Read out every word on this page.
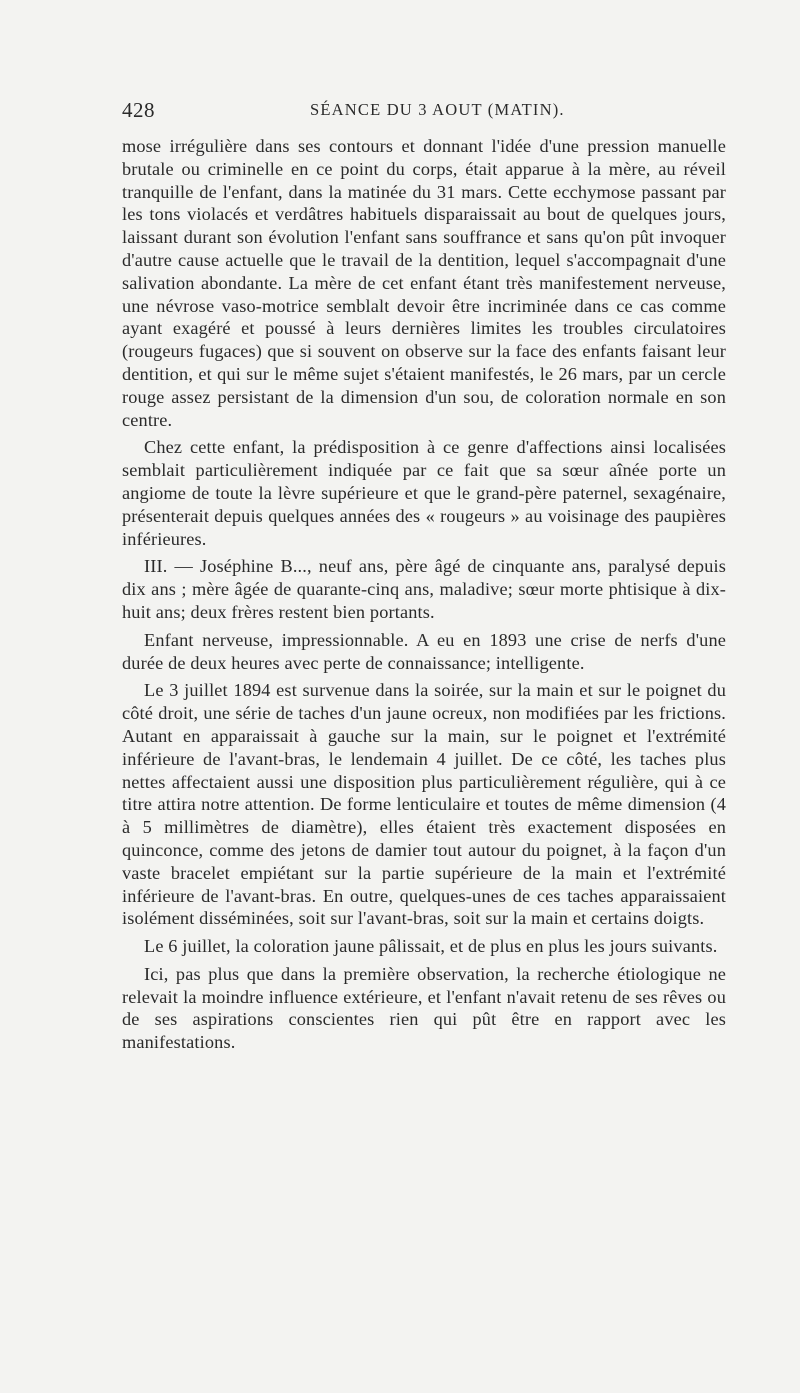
428	SÉANCE DU 3 AOUT (MATIN).

mose irrégulière dans ses contours et donnant l'idée d'une pression manuelle brutale ou criminelle en ce point du corps, était apparue à la mère, au réveil tranquille de l'enfant, dans la matinée du 31 mars. Cette ecchymose passant par les tons violacés et verdâtres habituels disparaissait au bout de quelques jours, laissant durant son évolution l'enfant sans souffrance et sans qu'on pût invoquer d'autre cause actuelle que le travail de la dentition, lequel s'accompagnait d'une salivation abondante. La mère de cet enfant étant très manifestement nerveuse, une névrose vaso-motrice semblalt devoir être incriminée dans ce cas comme ayant exagéré et poussé à leurs dernières limites les troubles circulatoires (rougeurs fugaces) que si souvent on observe sur la face des enfants faisant leur dentition, et qui sur le même sujet s'étaient manifestés, le 26 mars, par un cercle rouge assez persistant de la dimension d'un sou, de coloration normale en son centre.

Chez cette enfant, la prédisposition à ce genre d'affections ainsi localisées semblait particulièrement indiquée par ce fait que sa sœur aînée porte un angiome de toute la lèvre supérieure et que le grand-père paternel, sexagénaire, présenterait depuis quelques années des « rougeurs » au voisinage des paupières inférieures.

III. — Joséphine B..., neuf ans, père âgé de cinquante ans, paralysé depuis dix ans ; mère âgée de quarante-cinq ans, maladive; sœur morte phtisique à dix-huit ans; deux frères restent bien portants.

Enfant nerveuse, impressionnable. A eu en 1893 une crise de nerfs d'une durée de deux heures avec perte de connaissance; intelligente.

Le 3 juillet 1894 est survenue dans la soirée, sur la main et sur le poignet du côté droit, une série de taches d'un jaune ocreux, non modifiées par les frictions. Autant en apparaissait à gauche sur la main, sur le poignet et l'extrémité inférieure de l'avant-bras, le lendemain 4 juillet. De ce côté, les taches plus nettes affectaient aussi une disposition plus particulièrement régulière, qui à ce titre attira notre attention. De forme lenticulaire et toutes de même dimension (4 à 5 millimètres de diamètre), elles étaient très exactement disposées en quinconce, comme des jetons de damier tout autour du poignet, à la façon d'un vaste bracelet empiétant sur la partie supérieure de la main et l'extrémité inférieure de l'avant-bras. En outre, quelques-unes de ces taches apparaissaient isolément disséminées, soit sur l'avant-bras, soit sur la main et certains doigts.

Le 6 juillet, la coloration jaune pâlissait, et de plus en plus les jours suivants.

Ici, pas plus que dans la première observation, la recherche étiologique ne relevait la moindre influence extérieure, et l'enfant n'avait retenu de ses rêves ou de ses aspirations conscientes rien qui pût être en rapport avec les manifestations.
